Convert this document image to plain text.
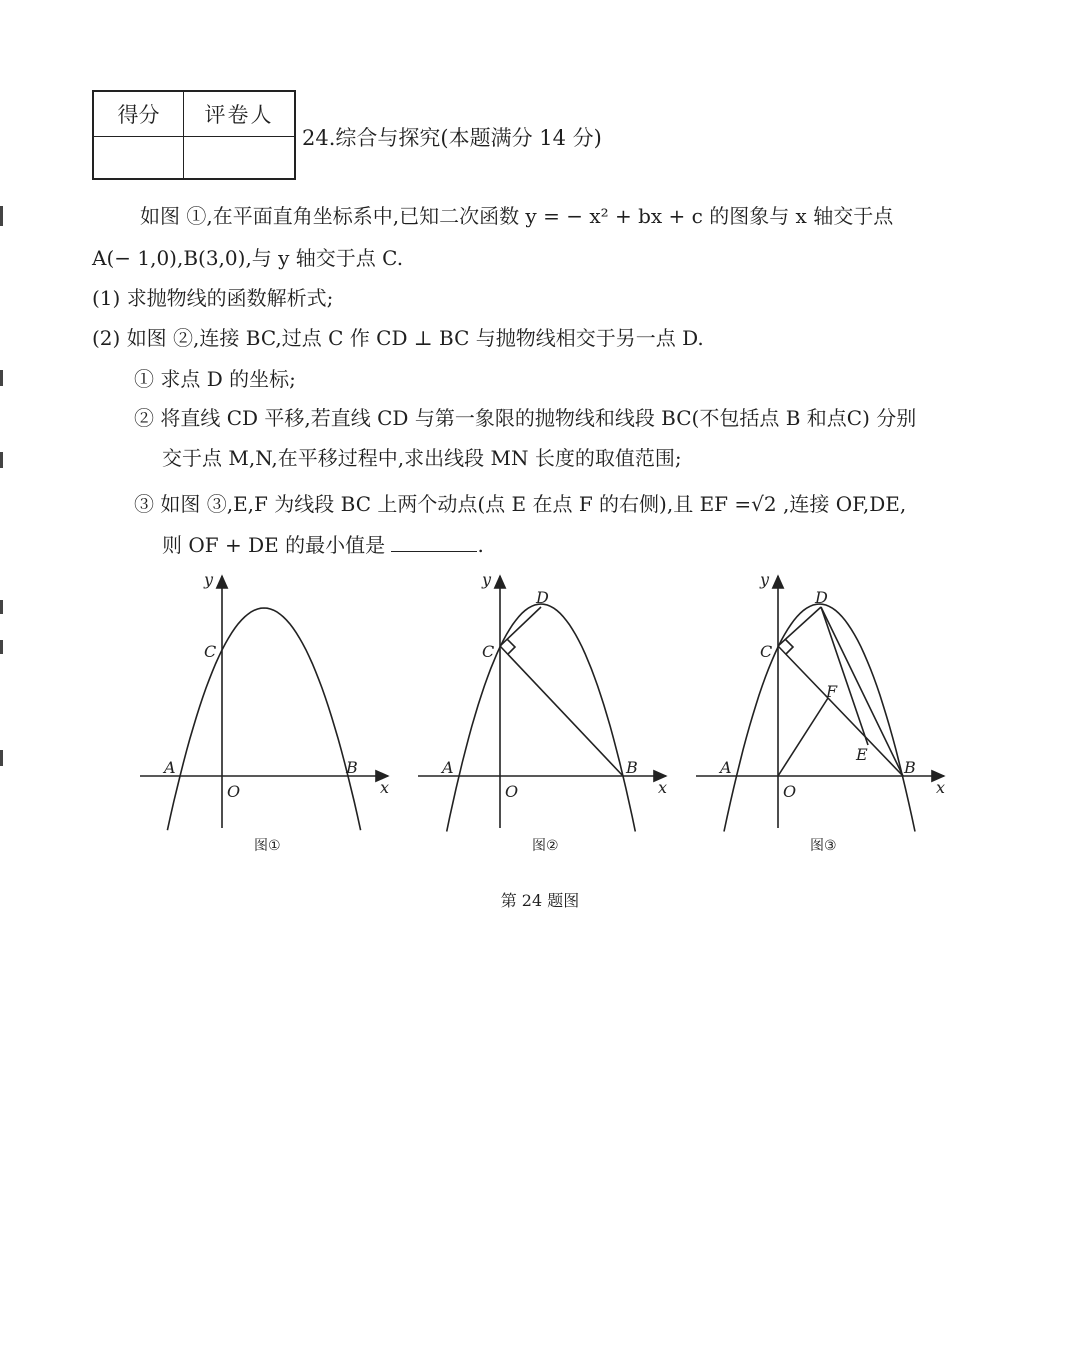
得分	评卷人
24.综合与探究(本题满分 14 分)
如图 ①,在平面直角坐标系中,已知二次函数 y = − x² + bx + c 的图象与 x 轴交于点
A(− 1,0),B(3,0),与 y 轴交于点 C.
(1) 求抛物线的函数解析式;
(2) 如图 ②,连接 BC,过点 C 作 CD ⊥ BC 与抛物线相交于另一点 D.
① 求点 D 的坐标;
② 将直线 CD 平移,若直线 CD 与第一象限的抛物线和线段 BC(不包括点 B 和点C) 分别
交于点 M,N,在平移过程中,求出线段 MN 长度的取值范围;
③ 如图 ③,E,F 为线段 BC 上两个动点(点 E 在点 F 的右侧),且 EF =√2 ,连接 OF,DE,
则 OF + DE 的最小值是	.
x
y
O
A	B
C
图①
x
y
O
A	B
C
D
图②
x
y
O
A	B
C
D
E
F
图③
第 24 题图
